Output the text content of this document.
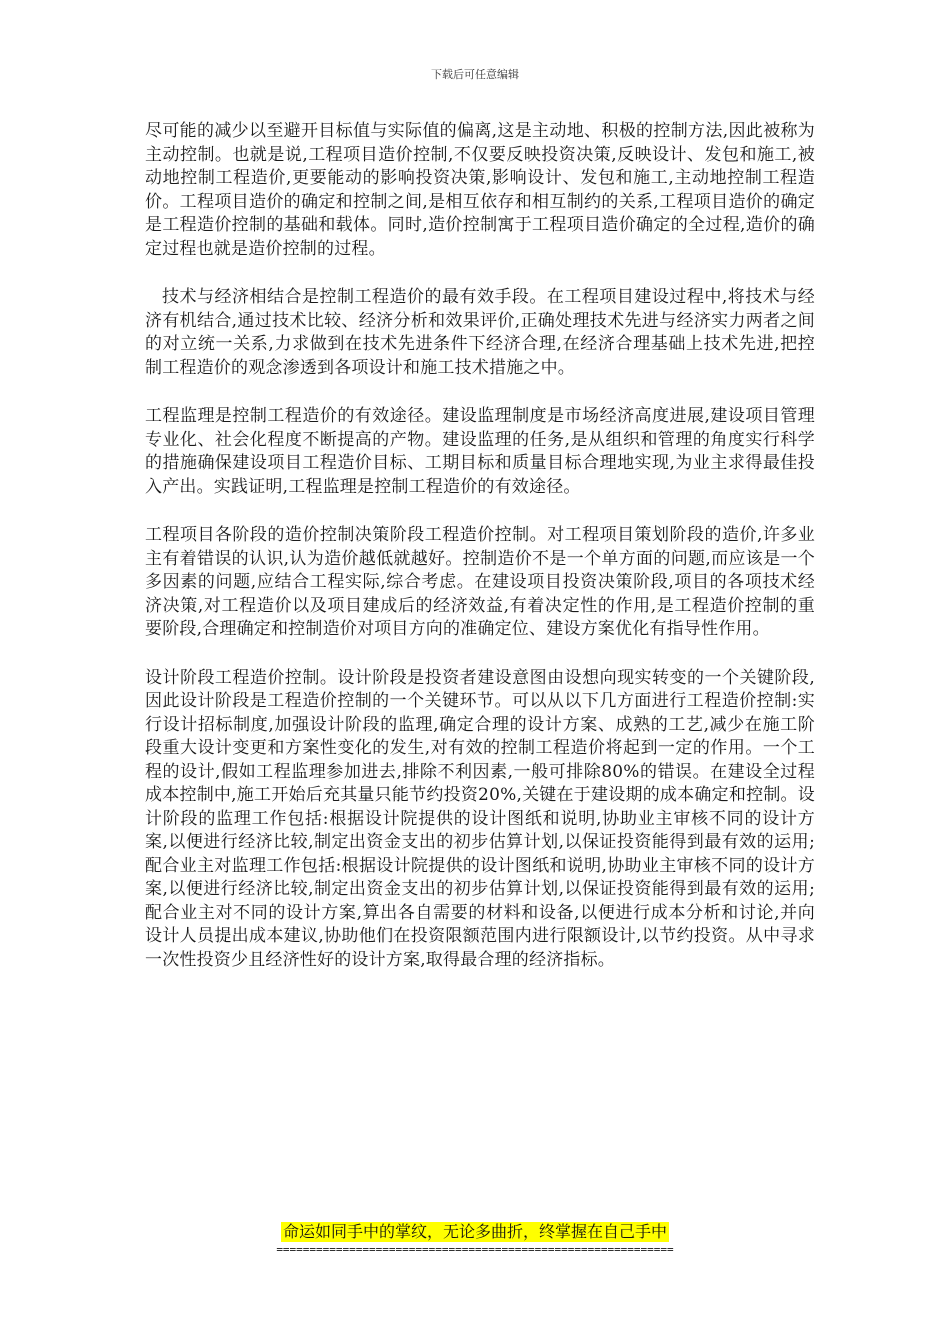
下载后可任意编辑

尽可能的减少以至避开目标值与实际值的偏离,这是主动地、积极的控制方法,因此被称为主动控制。也就是说,工程项目造价控制,不仅要反映投资决策,反映设计、发包和施工,被动地控制工程造价,更要能动的影响投资决策,影响设计、发包和施工,主动地控制工程造价。工程项目造价的确定和控制之间,是相互依存和相互制约的关系,工程项目造价的确定是工程造价控制的基础和载体。同时,造价控制寓于工程项目造价确定的全过程,造价的确定过程也就是造价控制的过程。

技术与经济相结合是控制工程造价的最有效手段。在工程项目建设过程中,将技术与经济有机结合,通过技术比较、经济分析和效果评价,正确处理技术先进与经济实力两者之间的对立统一关系,力求做到在技术先进条件下经济合理,在经济合理基础上技术先进,把控制工程造价的观念渗透到各项设计和施工技术措施之中。

工程监理是控制工程造价的有效途径。建设监理制度是市场经济高度进展,建设项目管理专业化、社会化程度不断提高的产物。建设监理的任务,是从组织和管理的角度实行科学的措施确保建设项目工程造价目标、工期目标和质量目标合理地实现,为业主求得最佳投入产出。实践证明,工程监理是控制工程造价的有效途径。

工程项目各阶段的造价控制决策阶段工程造价控制。对工程项目策划阶段的造价,许多业主有着错误的认识,认为造价越低就越好。控制造价不是一个单方面的问题,而应该是一个多因素的问题,应结合工程实际,综合考虑。在建设项目投资决策阶段,项目的各项技术经济决策,对工程造价以及项目建成后的经济效益,有着决定性的作用,是工程造价控制的重要阶段,合理确定和控制造价对项目方向的准确定位、建设方案优化有指导性作用。

设计阶段工程造价控制。设计阶段是投资者建设意图由设想向现实转变的一个关键阶段,因此设计阶段是工程造价控制的一个关键环节。可以从以下几方面进行工程造价控制:实行设计招标制度,加强设计阶段的监理,确定合理的设计方案、成熟的工艺,减少在施工阶段重大设计变更和方案性变化的发生,对有效的控制工程造价将起到一定的作用。一个工程的设计,假如工程监理参加进去,排除不利因素,一般可排除80%的错误。在建设全过程成本控制中,施工开始后充其量只能节约投资20%,关键在于建设期的成本确定和控制。设计阶段的监理工作包括:根据设计院提供的设计图纸和说明,协助业主审核不同的设计方案,以便进行经济比较,制定出资金支出的初步估算计划,以保证投资能得到最有效的运用;配合业主对监理工作包括:根据设计院提供的设计图纸和说明,协助业主审核不同的设计方案,以便进行经济比较,制定出资金支出的初步估算计划,以保证投资能得到最有效的运用;配合业主对不同的设计方案,算出各自需要的材料和设备,以便进行成本分析和讨论,并向设计人员提出成本建议,协助他们在投资限额范围内进行限额设计,以节约投资。从中寻求一次性投资少且经济性好的设计方案,取得最合理的经济指标。

命运如同手中的掌纹，无论多曲折，终掌握在自己手中
============================================================
